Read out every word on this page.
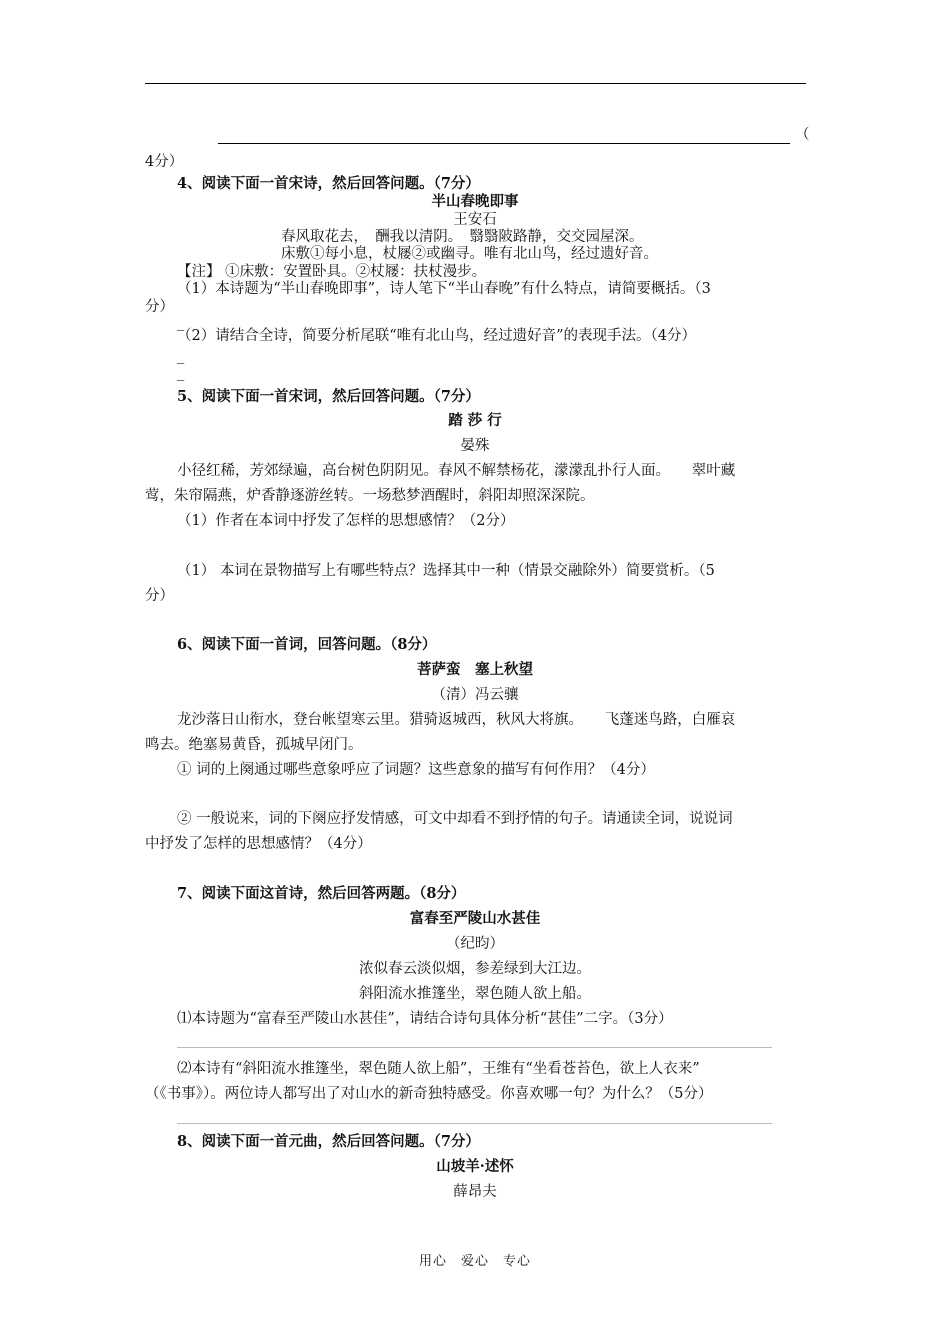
（
4分）
4、阅读下面一首宋诗，然后回答问题。（7分）
半山春晚即事
王安石
春风取花去，　酬我以清阴。　翳翳陂路静，交交园屋深。
床敷①每小息，杖屦②或幽寻。唯有北山鸟，经过遗好音。
【注】 ①床敷：安置卧具。②杖屦：扶杖漫步。
（1）本诗题为“半山春晚即事”，诗人笔下“半山春晚”有什么特点，请简要概括。（3
分）
_
（2）请结合全诗，简要分析尾联“唯有北山鸟，经过遗好音”的表现手法。（4分）
_
_
5、阅读下面一首宋词，然后回答问题。（7分）
踏 莎 行
晏殊
小径红稀，芳郊绿遍，高台树色阴阴见。春风不解禁杨花，濛濛乱扑行人面。　　翠叶藏
莺，朱帘隔燕，炉香静逐游丝转。一场愁梦酒醒时，斜阳却照深深院。
（1）作者在本词中抒发了怎样的思想感情？（2分）
（1） 本词在景物描写上有哪些特点？选择其中一种（情景交融除外）简要赏析。（5
分）
6、阅读下面一首词，回答问题。（8分）
菩萨蛮　塞上秋望
（清）冯云骧
龙沙落日山衔水，登台帐望寒云里。猎骑返城西，秋风大将旗。　　飞蓬迷鸟路，白雁哀
鸣去。绝塞易黄昏，孤城早闭门。
① 词的上阕通过哪些意象呼应了词题？这些意象的描写有何作用？（4分）
② 一般说来，词的下阕应抒发情感，可文中却看不到抒情的句子。请通读全词，说说词
中抒发了怎样的思想感情？（4分）
7、阅读下面这首诗，然后回答两题。（8分）
富春至严陵山水甚佳
（纪昀）
浓似春云淡似烟，参差绿到大江边。
斜阳流水推篷坐，翠色随人欲上船。
⑴本诗题为“富春至严陵山水甚佳”，请结合诗句具体分析“甚佳”二字。（3分）
⑵本诗有“斜阳流水推篷坐，翠色随人欲上船”，王维有“坐看苍苔色，欲上人衣来”
（《书事》）。两位诗人都写出了对山水的新奇独特感受。你喜欢哪一句？为什么？（5分）
8、阅读下面一首元曲，然后回答问题。（7分）
山坡羊·述怀
薛昂夫
用心　爱心　专心
